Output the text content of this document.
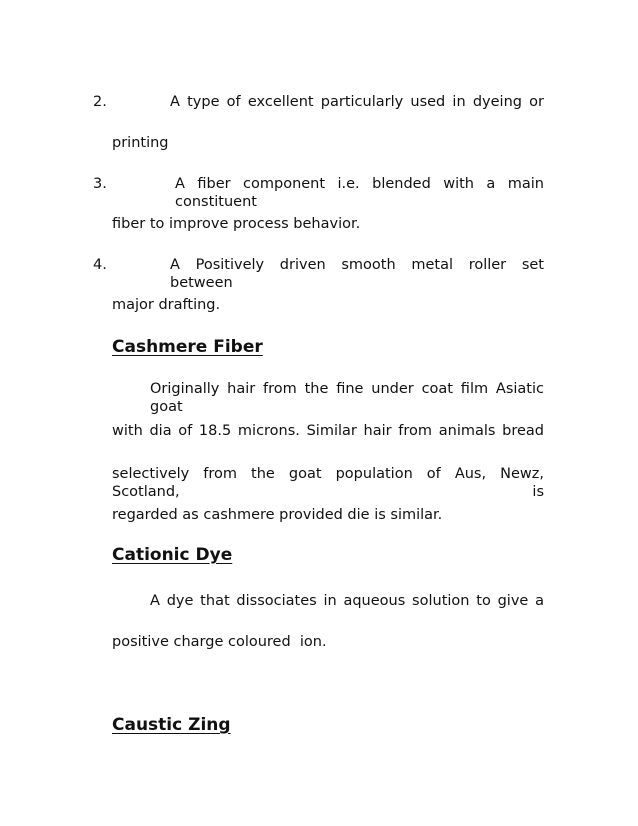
2.	A type of excellent particularly used in dyeing or
printing
3.	A fiber component i.e. blended with a main constituent
fiber to improve process behavior.
4.	A Positively driven smooth metal roller set between
major drafting.
Cashmere Fiber
Originally hair from the fine under coat film Asiatic goat
with dia of 18.5 microns. Similar hair from animals bread
selectively from the goat population of Aus, Newz, Scotland, is
regarded as cashmere provided die is similar.
Cationic Dye
A dye that dissociates in aqueous solution to give a
positive charge coloured  ion.
Caustic Zing
